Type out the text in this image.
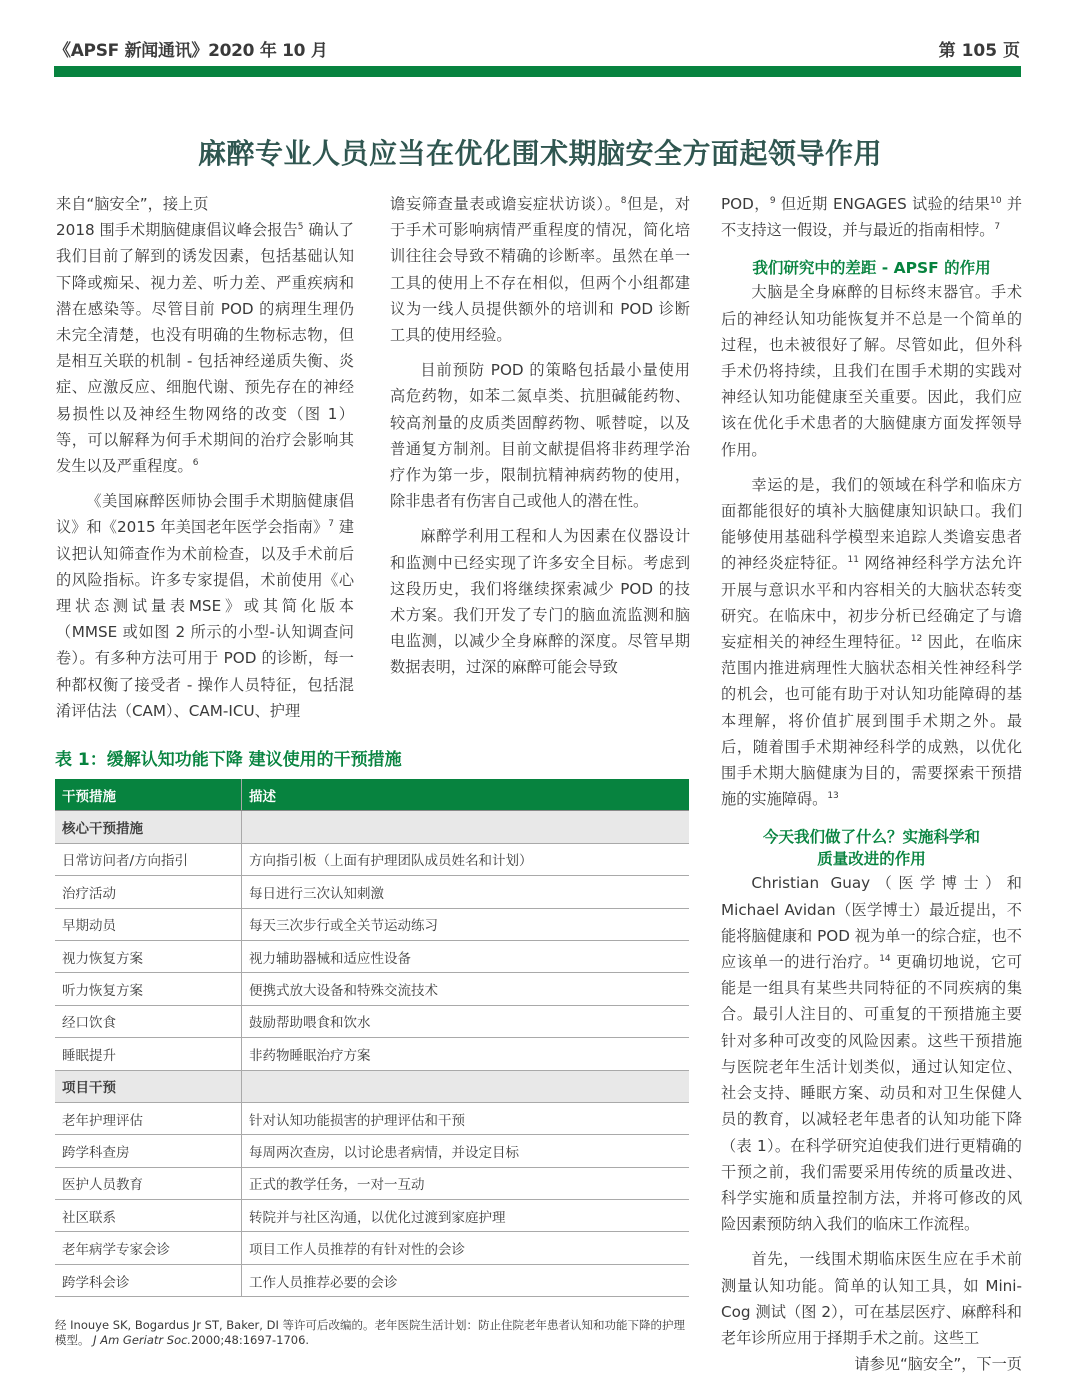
《APSF 新闻通讯》2020 年 10 月	第 105 页
麻醉专业人员应当在优化围术期脑安全方面起领导作用

来自“脑安全”，接上页

2018 围手术期脑健康倡议峰会报告$^5$ 确认了我们目前了解到的诱发因素，包括基础认知下降或痴呆、视力差、听力差、严重疾病和潜在感染等。尽管目前 POD 的病理生理仍未完全清楚，也没有明确的生物标志物，但是相互关联的机制 - 包括神经递质失衡、炎症、应激反应、细胞代谢、预先存在的神经易损性以及神经生物网络的改变（图 1）等，可以解释为何手术期间的治疗会影响其发生以及严重程度。$^6$

《美国麻醉医师协会围手术期脑健康倡议》和《2015 年美国老年医学会指南》$^7$ 建议把认知筛查作为术前检查，以及手术前后的风险指标。许多专家提倡，术前使用《心理状态测试量表MSE》或其简化版本（MMSE 或如图 2 所示的小型-认知调查问卷）。有多种方法可用于 POD 的诊断，每一种都权衡了接受者 - 操作人员特征，包括混淆评估法（CAM）、CAM-ICU、护理

谵妄筛查量表或谵妄症状访谈）。$^8$但是，对于手术可影响病情严重程度的情况，简化培训往往会导致不精确的诊断率。虽然在单一工具的使用上不存在相似，但两个小组都建议为一线人员提供额外的培训和 POD 诊断工具的使用经验。

目前预防 POD 的策略包括最小量使用高危药物，如苯二氮卓类、抗胆碱能药物、较高剂量的皮质类固醇药物、哌替啶，以及普通复方制剂。目前文献提倡将非药理学治疗作为第一步，限制抗精神病药物的使用，除非患者有伤害自己或他人的潜在性。

麻醉学利用工程和人为因素在仪器设计和监测中已经实现了许多安全目标。考虑到这段历史，我们将继续探索减少 POD 的技术方案。我们开发了专门的脑血流监测和脑电监测，以减少全身麻醉的深度。尽管早期数据表明，过深的麻醉可能会导致

POD，$^9$ 但近期 ENGAGES 试验的结果$^{10}$ 并不支持这一假设，并与最近的指南相悖。$^7$

我们研究中的差距 - APSF 的作用

大脑是全身麻醉的目标终末器官。手术后的神经认知功能恢复并不总是一个简单的过程，也未被很好了解。尽管如此，但外科手术仍将持续，且我们在围手术期的实践对神经认知功能健康至关重要。因此，我们应该在优化手术患者的大脑健康方面发挥领导作用。

幸运的是，我们的领域在科学和临床方面都能很好的填补大脑健康知识缺口。我们能够使用基础科学模型来追踪人类谵妄患者的神经炎症特征。$^{11}$ 网络神经科学方法允许开展与意识水平和内容相关的大脑状态转变研究。在临床中，初步分析已经确定了与谵妄症相关的神经生理特征。$^{12}$ 因此，在临床范围内推进病理性大脑状态相关性神经科学的机会，也可能有助于对认知功能障碍的基本理解，将价值扩展到围手术期之外。最后，随着围手术期神经科学的成熟，以优化围手术期大脑健康为目的，需要探索干预措施的实施障碍。$^{13}$

今天我们做了什么？实施科学和
质量改进的作用

Christian Guay（医学博士）和 Michael Avidan（医学博士）最近提出，不能将脑健康和 POD 视为单一的综合症，也不应该单一的进行治疗。$^{14}$ 更确切地说，它可能是一组具有某些共同特征的不同疾病的集合。最引人注目的、可重复的干预措施主要针对多种可改变的风险因素。这些干预措施与医院老年生活计划类似，通过认知定位、社会支持、睡眠方案、动员和对卫生保健人员的教育，以减轻老年患者的认知功能下降（表 1）。在科学研究迫使我们进行更精确的干预之前，我们需要采用传统的质量改进、科学实施和质量控制方法，并将可修改的风险因素预防纳入我们的临床工作流程。

首先，一线围术期临床医生应在手术前测量认知功能。简单的认知工具，如 Mini-Cog 测试（图 2），可在基层医疗、麻醉科和老年诊所应用于择期手术之前。这些工

请参见“脑安全”，下一页

表 1：缓解认知功能下降 建议使用的干预措施
干预措施	描述
核心干预措施	
日常访问者/方向指引	方向指引板（上面有护理团队成员姓名和计划）
治疗活动	每日进行三次认知刺激
早期动员	每天三次步行或全关节运动练习
视力恢复方案	视力辅助器械和适应性设备
听力恢复方案	便携式放大设备和特殊交流技术
经口饮食	鼓励帮助喂食和饮水
睡眠提升	非药物睡眠治疗方案
项目干预	
老年护理评估	针对认知功能损害的护理评估和干预
跨学科查房	每周两次查房，以讨论患者病情，并设定目标
医护人员教育	正式的教学任务，一对一互动
社区联系	转院并与社区沟通，以优化过渡到家庭护理
老年病学专家会诊	项目工作人员推荐的有针对性的会诊
跨学科会诊	工作人员推荐必要的会诊
经 Inouye SK, Bogardus Jr ST, Baker, DI 等许可后改编的。老年医院生活计划：防止住院老年患者认知和功能下降的护理模型。 J Am Geriatr Soc.2000;48:1697-1706.
